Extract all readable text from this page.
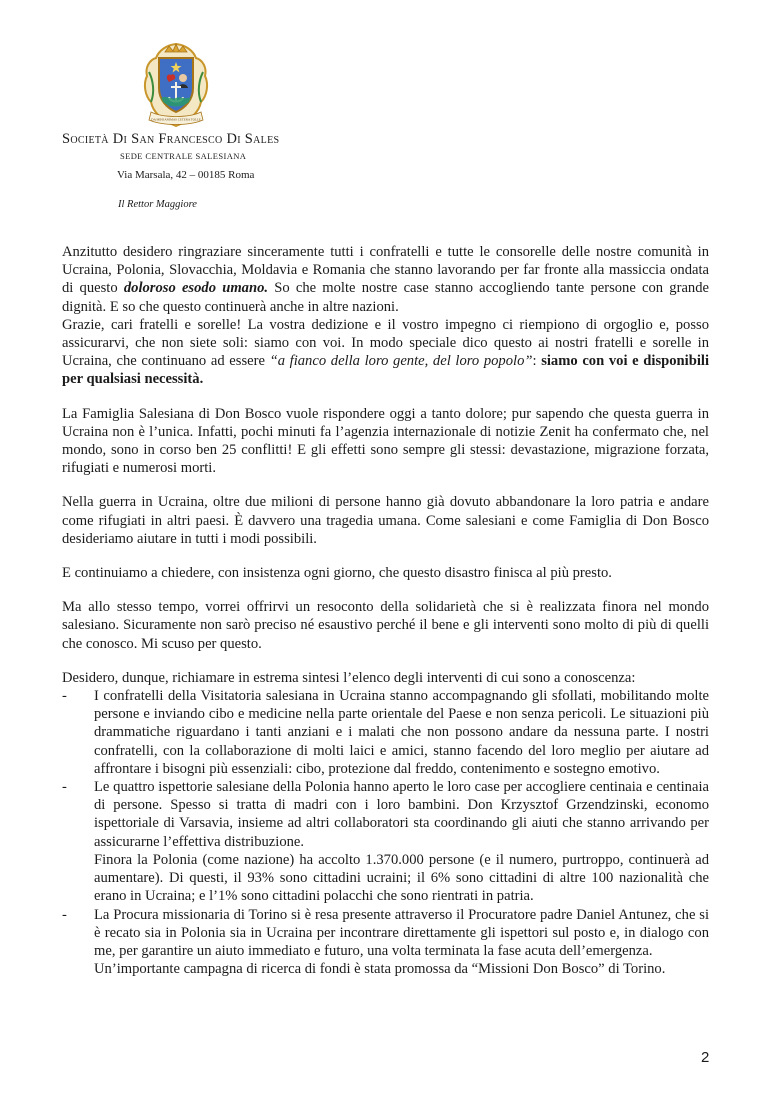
DA MIHI ANIMAS CETERA TOLLE
Società Di San Francesco Di Sales
SEDE CENTRALE SALESIANA
Via Marsala, 42 – 00185 Roma
Il Rettor Maggiore

Anzitutto desidero ringraziare sinceramente tutti i confratelli e tutte le consorelle delle nostre comunità in Ucraina, Polonia, Slovacchia, Moldavia e Romania che stanno lavorando per far fronte alla massiccia ondata di questo doloroso esodo umano. So che molte nostre case stanno accogliendo tante persone con grande dignità. E so che questo continuerà anche in altre nazioni.

Grazie, cari fratelli e sorelle! La vostra dedizione e il vostro impegno ci riempiono di orgoglio e, posso assicurarvi, che non siete soli: siamo con voi. In modo speciale dico questo ai nostri fratelli e sorelle in Ucraina, che continuano ad essere “a fianco della loro gente, del loro popolo”: siamo con voi e disponibili per qualsiasi necessità.

La Famiglia Salesiana di Don Bosco vuole rispondere oggi a tanto dolore; pur sapendo che questa guerra in Ucraina non è l’unica. Infatti, pochi minuti fa l’agenzia internazionale di notizie Zenit ha confermato che, nel mondo, sono in corso ben 25 conflitti! E gli effetti sono sempre gli stessi: devastazione, migrazione forzata, rifugiati e numerosi morti.

Nella guerra in Ucraina, oltre due milioni di persone hanno già dovuto abbandonare la loro patria e andare come rifugiati in altri paesi. È davvero una tragedia umana. Come salesiani e come Famiglia di Don Bosco desideriamo aiutare in tutti i modi possibili.

E continuiamo a chiedere, con insistenza ogni giorno, che questo disastro finisca al più presto.

Ma allo stesso tempo, vorrei offrirvi un resoconto della solidarietà che si è realizzata finora nel mondo salesiano. Sicuramente non sarò preciso né esaustivo perché il bene e gli interventi sono molto di più di quelli che conosco. Mi scuso per questo.

Desidero, dunque, richiamare in estrema sintesi l’elenco degli interventi di cui sono a conoscenza:

- I confratelli della Visitatoria salesiana in Ucraina stanno accompagnando gli sfollati, mobilitando molte persone e inviando cibo e medicine nella parte orientale del Paese e non senza pericoli. Le situazioni più drammatiche riguardano i tanti anziani e i malati che non possono andare da nessuna parte. I nostri confratelli, con la collaborazione di molti laici e amici, stanno facendo del loro meglio per aiutare ad affrontare i bisogni più essenziali: cibo, protezione dal freddo, contenimento e sostegno emotivo.

- Le quattro ispettorie salesiane della Polonia hanno aperto le loro case per accogliere centinaia e centinaia di persone. Spesso si tratta di madri con i loro bambini. Don Krzysztof Grzendzinski, economo ispettoriale di Varsavia, insieme ad altri collaboratori sta coordinando gli aiuti che stanno arrivando per assicurarne l’effettiva distribuzione.

Finora la Polonia (come nazione) ha accolto 1.370.000 persone (e il numero, purtroppo, continuerà ad aumentare). Di questi, il 93% sono cittadini ucraini; il 6% sono cittadini di altre 100 nazionalità che erano in Ucraina; e l’1% sono cittadini polacchi che sono rientrati in patria.

- La Procura missionaria di Torino si è resa presente attraverso il Procuratore padre Daniel Antunez, che si è recato sia in Polonia sia in Ucraina per incontrare direttamente gli ispettori sul posto e, in dialogo con me, per garantire un aiuto immediato e futuro, una volta terminata la fase acuta dell’emergenza.

Un’importante campagna di ricerca di fondi è stata promossa da “Missioni Don Bosco” di Torino.

2
